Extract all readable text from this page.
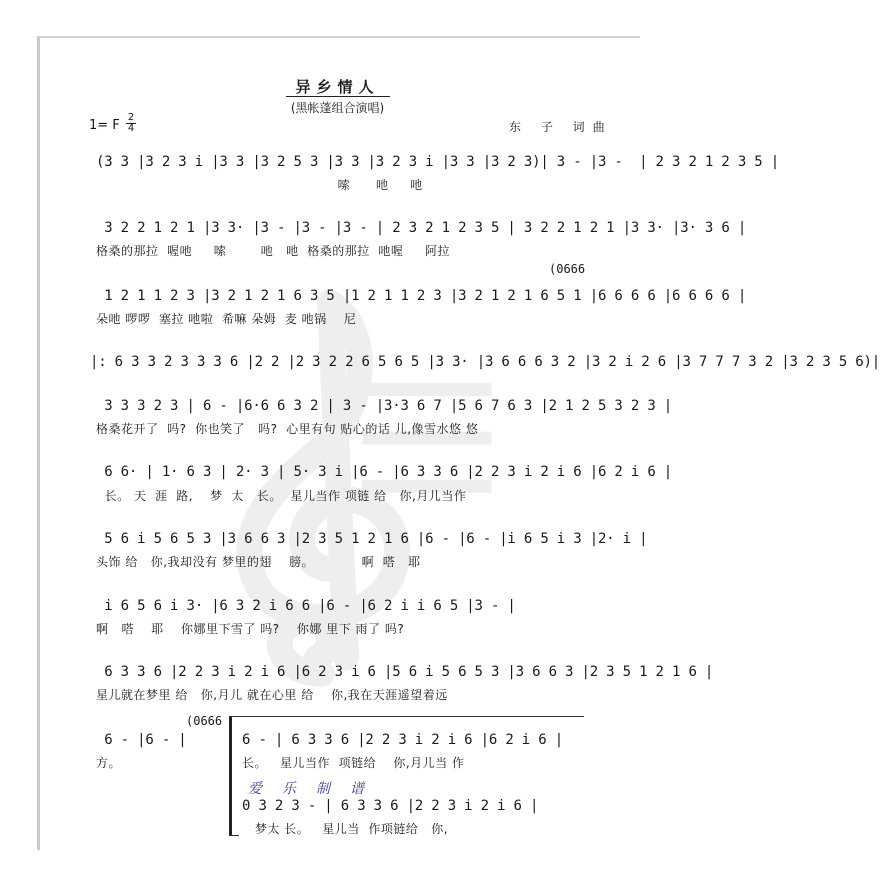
异乡情人
(黑帐蓬组合演唱)
1= F
2
4	东 子 词曲
(3 3 |3 2 3 i |3 3 |3 2 5 3 |3 3 |3 2 3 i |3 3 |3 2 3)| 3 - |3 -  | 2 3 2 1 2 3 5 |
嗦      吔     吔
3 2 2 1 2 1 |3 3· |3 - |3 - |3 - | 2 3 2 1 2 3 5 | 3 2 2 1 2 1 |3 3· |3· 3 6 |
格桑的那拉  喔吔     嗦        吔   吔  格桑的那拉  吔喔     阿拉
(0666
1 2 1 1 2 3 |3 2 1 2 1 6 3 5 |1 2 1 1 2 3 |3 2 1 2 1 6 5 1 |6 6 6 6 |6 6 6 6 |
朵吔 啰啰  塞拉 吔啦  希嘛 朵姆  麦 吔锅    尼
|: 6 3 3 2 3 3 3 6 |2 2 |2 3 2 2 6 5 6 5 |3 3· |3 6 6 6 3 2 |3 2 i 2 6 |3 7 7 7 3 2 |3 2 3 5 6)|
3 3 3 2 3 | 6 - |6·6 6 3 2 | 3 - |3·3 6 7 |5 6 7 6 3 |2 1 2 5 3 2 3 |
格桑花开了  吗?  你也笑了   吗?  心里有句 贴心的话 儿,像雪水悠 悠
6 6· | 1· 6 3 | 2· 3 | 5· 3 i |6 - |6 3 3 6 |2 2 3 i 2 i 6 |6 2 i 6 |
长。 天  涯  路,    梦  太   长。  星儿当作 项链 给   你,月儿当作
5 6 i 5 6 5 3 |3 6 6 3 |2 3 5 1 2 1 6 |6 - |6 - |i 6 5 i 3 |2· i |
头饰 给   你,我却没有 梦里的翅    膀。           啊  嗒   耶
i 6 5 6 i 3· |6 3 2 i 6 6 |6 - |6 2 i i 6 5 |3 - |
啊   嗒    耶    你娜里下雪了 吗?    你娜 里下 雨了 吗?
6 3 3 6 |2 2 3 i 2 i 6 |6 2 3 i 6 |5 6 i 5 6 5 3 |3 6 6 3 |2 3 5 1 2 1 6 |
星儿就在梦里 给   你,月儿 就在心里 给    你,我在天涯遥望着远
(0666
6 - |6 - |
方。
6 - | 6 3 3 6 |2 2 3 i 2 i 6 |6 2 i 6 |
长。   星儿当作  项链给    你,月儿当 作
爱乐制谱
0 3 2 3 - | 6 3 3 6 |2 2 3 i 2 i 6 |
梦太 长。   星儿当  作项链给   你,
